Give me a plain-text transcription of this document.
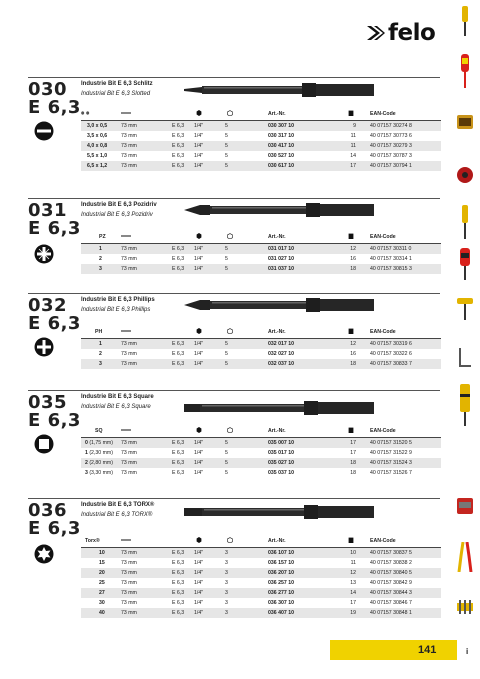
felo
030
E 6,3
Industrie Bit E 6,3 Schlitz
Industrial Bit E 6,3 Slotted
					Art.-Nr.		EAN-Code
3,0 x 0,5	73 mm	E 6,3	1/4"	5	030 307 10	9	40 07157 30274 8
3,5 x 0,6	73 mm	E 6,3	1/4"	5	030 317 10	11	40 07157 30773 6
4,0 x 0,8	73 mm	E 6,3	1/4"	5	030 417 10	11	40 07157 30279 3
5,5 x 1,0	73 mm	E 6,3	1/4"	5	030 527 10	14	40 07157 30787 3
6,5 x 1,2	73 mm	E 6,3	1/4"	5	030 617 10	17	40 07157 30794 1
031
E 6,3
Industrie Bit E 6,3 Pozidriv
Industrial Bit E 6,3 Pozidriv
PZ					Art.-Nr.		EAN-Code
1	73 mm	E 6,3	1/4"	5	031 017 10	12	40 07157 30311 0
2	73 mm	E 6,3	1/4"	5	031 027 10	16	40 07157 30314 1
3	73 mm	E 6,3	1/4"	5	031 037 10	18	40 07157 30815 3
032
E 6,3
Industrie Bit E 6,3 Phillips
Industrial Bit E 6,3 Phillips
PH					Art.-Nr.		EAN-Code
1	73 mm	E 6,3	1/4"	5	032 017 10	12	40 07157 30319 6
2	73 mm	E 6,3	1/4"	5	032 027 10	16	40 07157 30322 6
3	73 mm	E 6,3	1/4"	5	032 037 10	18	40 07157 30833 7
035
E 6,3
Industrie Bit E 6,3 Square
Industrial Bit E 6,3 Square
SQ					Art.-Nr.		EAN-Code
0 (1,75 mm)	73 mm	E 6,3	1/4"	5	035 007 10	17	40 07157 31520 5
1 (2,30 mm)	73 mm	E 6,3	1/4"	5	035 017 10	17	40 07157 31522 9
2 (2,80 mm)	73 mm	E 6,3	1/4"	5	035 027 10	18	40 07157 31524 3
3 (3,30 mm)	73 mm	E 6,3	1/4"	5	035 037 10	18	40 07157 31526 7
036
E 6,3
Industrie Bit E 6,3 TORX®
Industrial Bit E 6,3 TORX®
Torx®					Art.-Nr.		EAN-Code
10	73 mm	E 6,3	1/4"	3	036 107 10	10	40 07157 30837 5
15	73 mm	E 6,3	1/4"	3	036 157 10	11	40 07157 30838 2
20	73 mm	E 6,3	1/4"	3	036 207 10	12	40 07157 30840 5
25	73 mm	E 6,3	1/4"	3	036 257 10	13	40 07157 30842 9
27	73 mm	E 6,3	1/4"	3	036 277 10	14	40 07157 30844 3
30	73 mm	E 6,3	1/4"	3	036 307 10	17	40 07157 30846 7
40	73 mm	E 6,3	1/4"	3	036 407 10	19	40 07157 30848 1
141	i
